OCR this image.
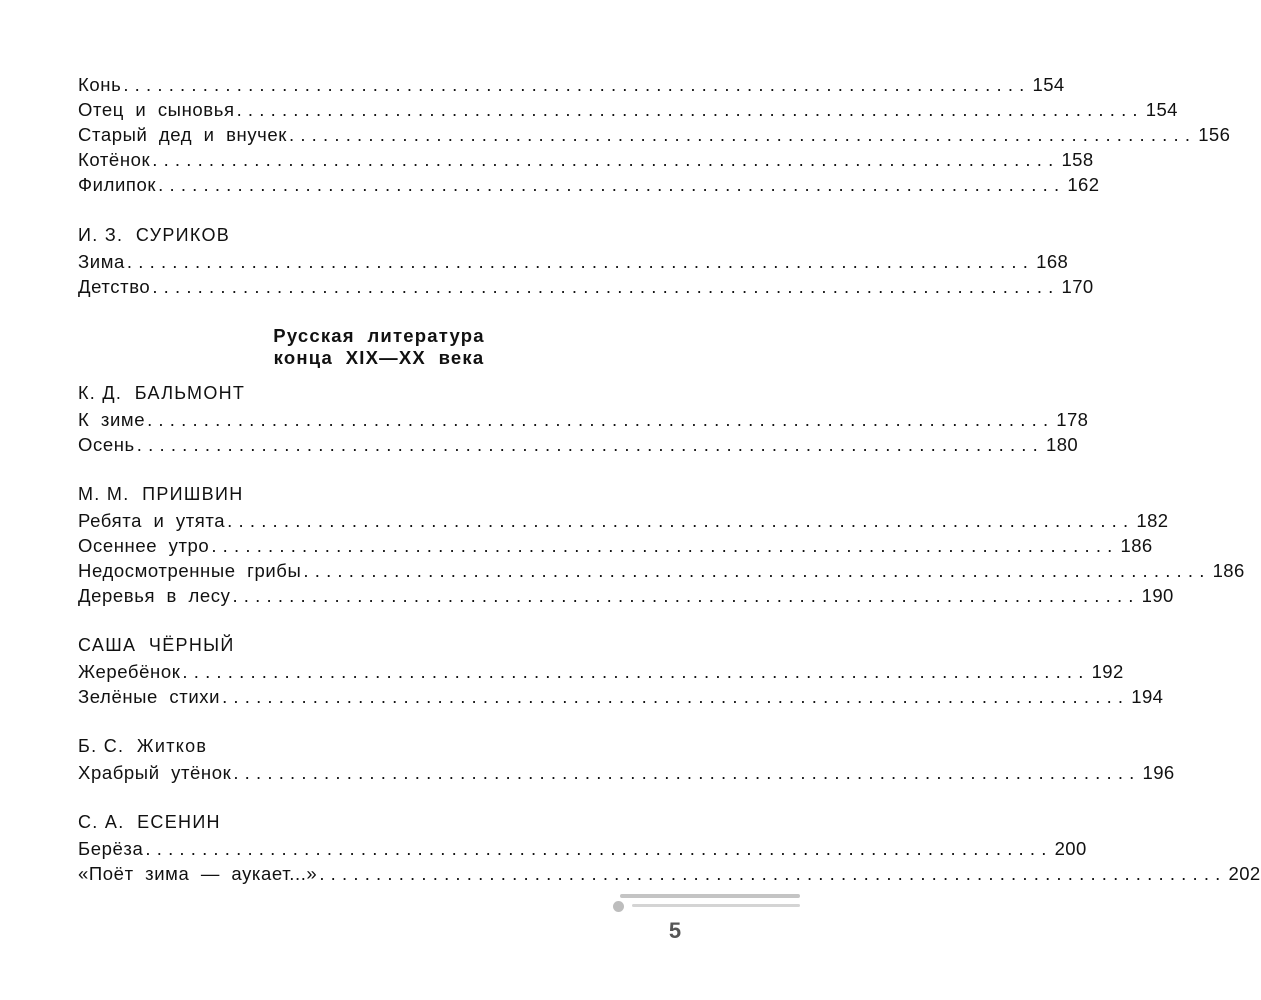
Конь ................................................................................ 154
Отец  и  сыновья ................................................................................ 154
Старый  дед  и  внучек ................................................................................ 156
Котёнок ................................................................................ 158
Филипок ................................................................................ 162
И. З.  СУРИКОВ
Зима ................................................................................ 168
Детство ................................................................................ 170
Русская  литература
конца  XIX—XX  века
К. Д.  БАЛЬМОНТ
К  зиме ................................................................................ 178
Осень ................................................................................ 180
М. М.  ПРИШВИН
Ребята  и  утята ................................................................................ 182
Осеннее  утро ................................................................................ 186
Недосмотренные  грибы ................................................................................ 186
Деревья  в  лесу ................................................................................ 190
САША  ЧЁРНЫЙ
Жеребёнок ................................................................................ 192
Зелёные  стихи ................................................................................ 194
Б. С.  Житков
Храбрый  утёнок ................................................................................ 196
С. А.  ЕСЕНИН
Берёза ................................................................................ 200
«Поёт  зима  —  аукает...» ................................................................................ 202
5
